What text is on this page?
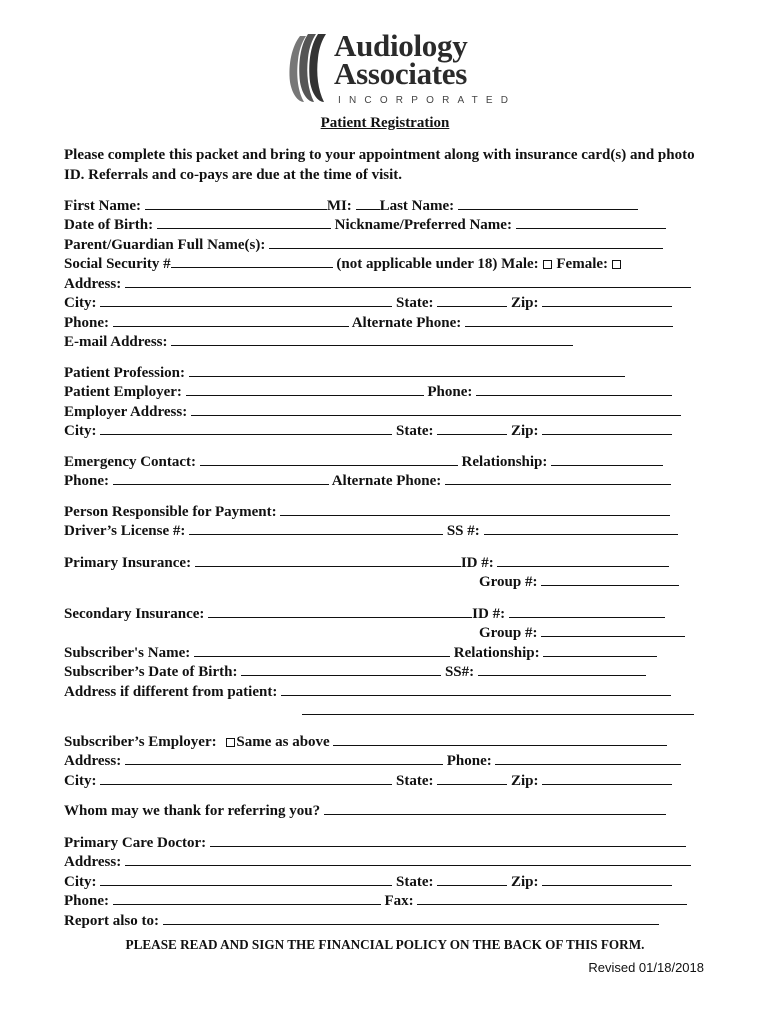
Audiology
Associates
INCORPORATED
Patient Registration
Please complete this packet and bring to your appointment along with insurance card(s) and photo ID. Referrals and co-pays are due at the time of visit.
First Name:	MI: Last Name:
Date of Birth:	Nickname/Preferred Name:
Parent/Guardian Full Name(s):
Social Security #	(not applicable under 18) Male: Female:
Address:
City:	State:	Zip:
Phone:	Alternate Phone:
E-mail Address:
Patient Profession:
Patient Employer:	Phone:
Employer Address:
City:	State:	Zip:
Emergency Contact:	Relationship:
Phone:	Alternate Phone:
Person Responsible for Payment:
Driver’s License #:	SS #:
Primary Insurance:	ID #:
Group #:
Secondary Insurance:	ID #:
Group #:
Subscriber's Name:	Relationship:
Subscriber’s Date of Birth:	SS#:
Address if different from patient:
Subscriber’s Employer: Same as above
Address:	Phone:
City:	State:	Zip:
Whom may we thank for referring you?
Primary Care Doctor:
Address:
City:	State:	Zip:
Phone:	Fax:
Report also to:
PLEASE READ AND SIGN THE FINANCIAL POLICY ON THE BACK OF THIS FORM.
Revised 01/18/2018
